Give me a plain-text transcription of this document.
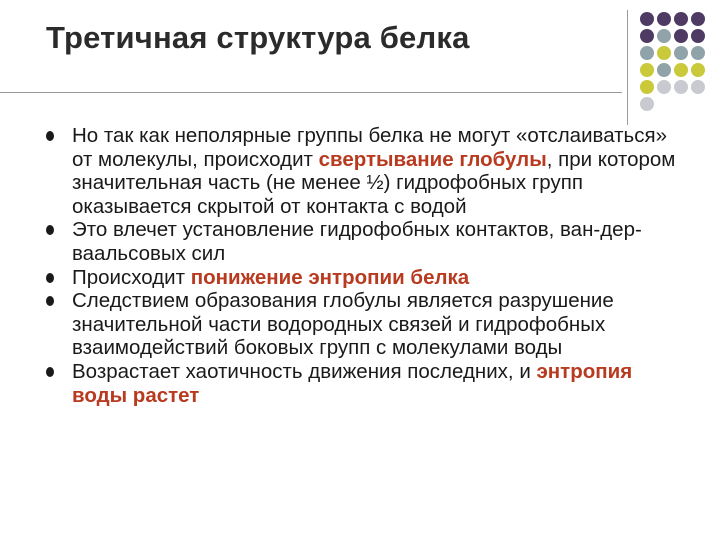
Третичная структура белка
Но так как неполярные группы белка не могут «отслаиваться» от молекулы, происходит свертывание глобулы, при котором значительная часть (не менее ½) гидрофобных групп оказывается скрытой от контакта с водой
Это влечет установление гидрофобных контактов, ван-дер-ваальсовых сил
Происходит понижение энтропии белка
Следствием образования глобулы является разрушение значительной части водородных связей и гидрофобных взаимодействий боковых групп с молекулами воды
Возрастает хаотичность движения последних, и энтропия воды растет
